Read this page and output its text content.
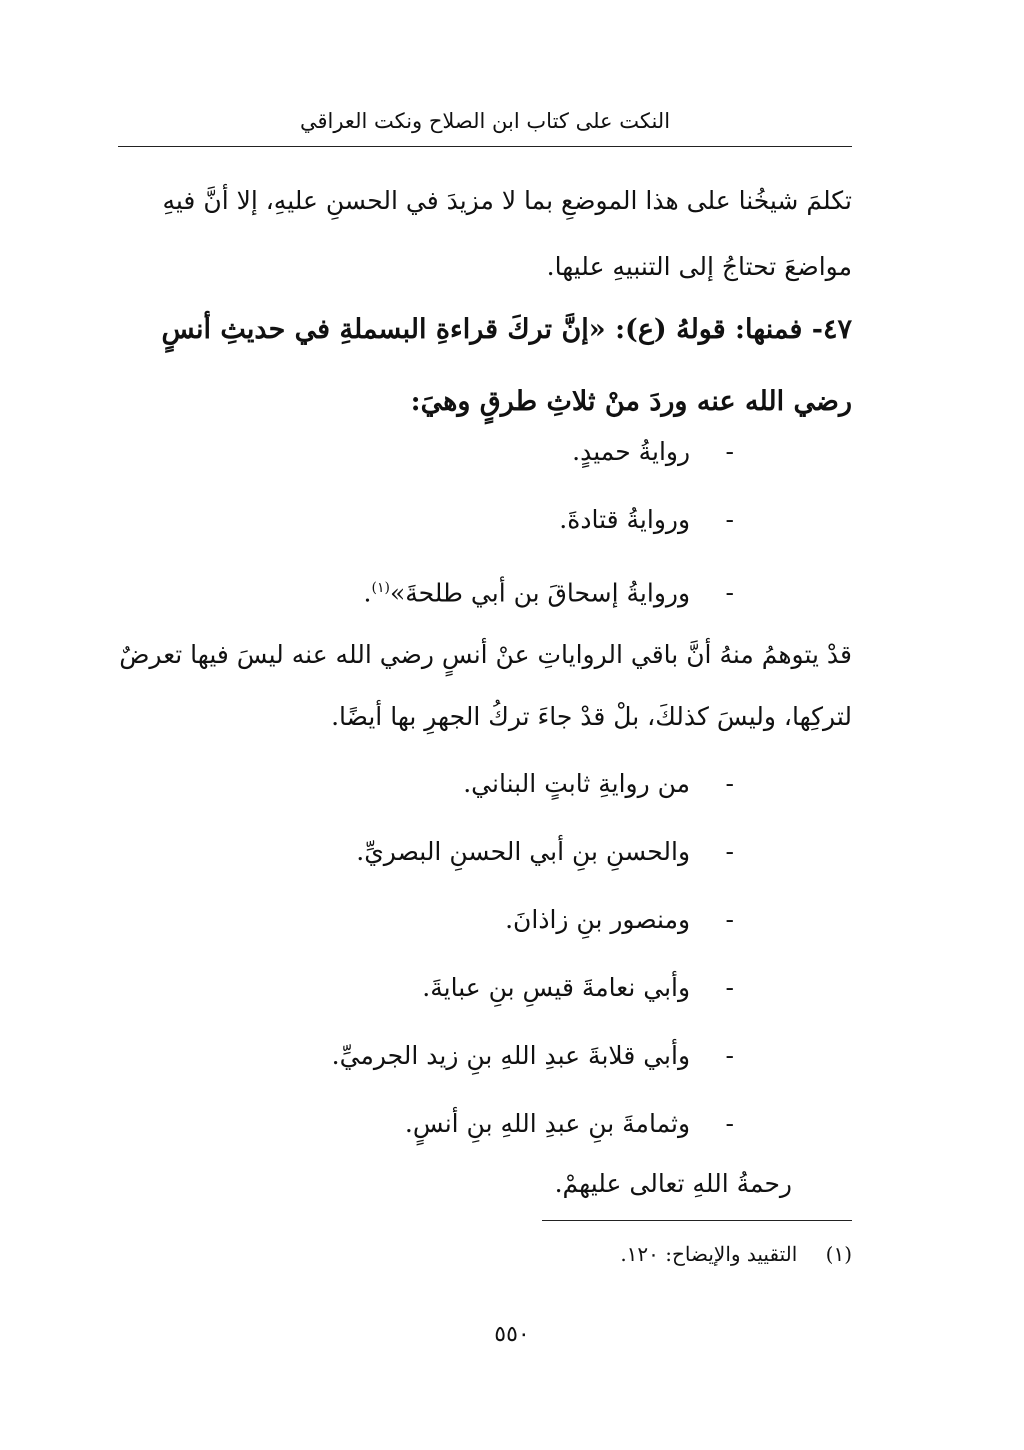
النكت على كتاب ابن الصلاح ونكت العراقي
تكلمَ شيخُنا على هذا الموضعِ بما لا مزيدَ في الحسنِ عليهِ، إلا أنَّ فيهِ مواضعَ تحتاجُ إلى التنبيهِ عليها.
٤٧- فمنها: قولهُ (ع): «إنَّ تركَ قراءةِ البسملةِ في حديثِ أنسٍ رضي الله عنه وردَ منْ ثلاثِ طرقٍ وهيَ:
- روايةُ حميدٍ.
- وروايةُ قتادةَ.
- وروايةُ إسحاقَ بن أبي طلحةَ»$^{(١)}$.
قدْ يتوهمُ منهُ أنَّ باقي الرواياتِ عنْ أنسٍ رضي الله عنه ليسَ فيها تعرضٌ لتركِها، وليسَ كذلكَ، بلْ قدْ جاءَ تركُ الجهرِ بها أيضًا.
- من روايةِ ثابتٍ البناني.
- والحسنِ بنِ أبي الحسنِ البصريِّ.
- ومنصور بنِ زاذانَ.
- وأبي نعامةَ قيسِ بنِ عبايةَ.
- وأبي قلابةَ عبدِ اللهِ بنِ زيد الجرميِّ.
- وثمامةَ بنِ عبدِ اللهِ بنِ أنسٍ.
رحمةُ اللهِ تعالى عليهمْ.
(١) التقييد والإيضاح: ١٢٠.
٥٥٠
